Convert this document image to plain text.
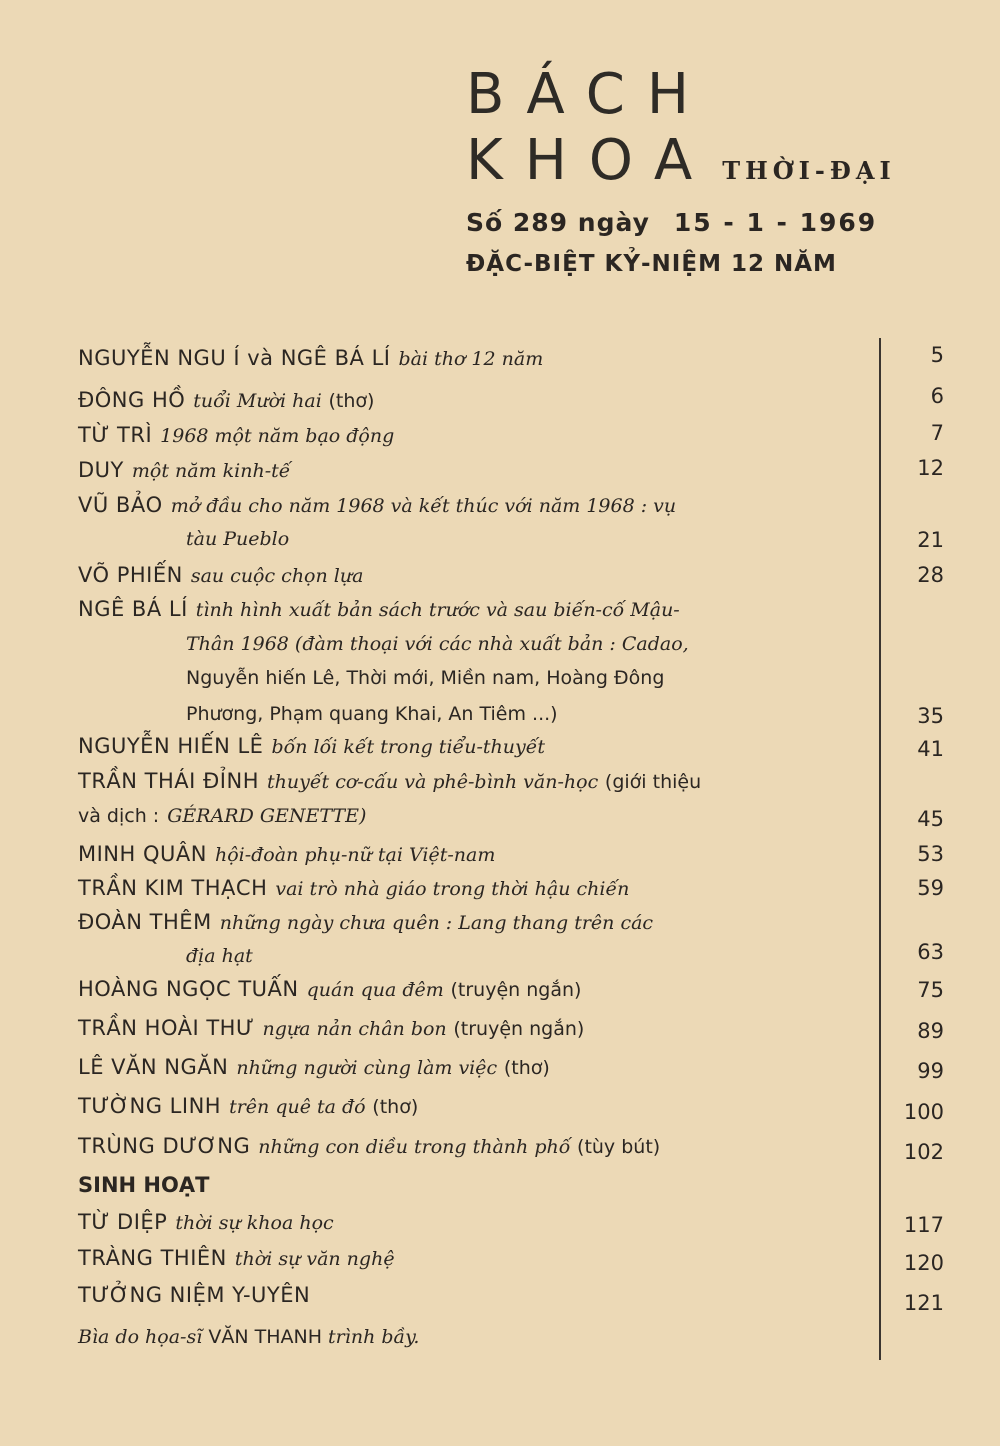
BÁCH
KHOA THỜI-ĐẠI
Số 289 ngày 15 - 1 - 1969
ĐẶC-BIỆT KỶ-NIỆM 12 NĂM
NGUYỄN NGU Í và NGÊ BÁ LÍ bài thơ 12 năm	5
ĐÔNG HỒ tuổi Mười hai (thơ)	6
TỪ TRÌ 1968 một năm bạo động	7
DUY một năm kinh-tế	12
VŨ BẢO mở đầu cho năm 1968 và kết thúc với năm 1968 : vụ
tàu Pueblo	21
VÕ PHIẾN sau cuộc chọn lựa	28
NGÊ BÁ LÍ tình hình xuất bản sách trước và sau biến-cố Mậu-
Thân 1968 (đàm thoại với các nhà xuất bản : Cadao,
Nguyễn hiến Lê, Thời mới, Miền nam, Hoàng Đông
Phương, Phạm quang Khai, An Tiêm ...)	35
NGUYỄN HIẾN LÊ bốn lối kết trong tiểu-thuyết	41
TRẦN THÁI ĐỈNH thuyết cơ-cấu và phê-bình văn-học (giới thiệu
và dịch : GÉRARD GENETTE)	45
MINH QUÂN hội-đoàn phụ-nữ tại Việt-nam	53
TRẦN KIM THẠCH vai trò nhà giáo trong thời hậu chiến	59
ĐOÀN THÊM những ngày chưa quên : Lang thang trên các
địa hạt	63
HOÀNG NGỌC TUẤN quán qua đêm (truyện ngắn)	75
TRẦN HOÀI THƯ ngựa nản chân bon (truyện ngắn)	89
LÊ VĂN NGĂN những người cùng làm việc (thơ)	99
TƯỜNG LINH trên quê ta đó (thơ)	100
TRÙNG DƯƠNG những con diều trong thành phố (tùy bút)	102
SINH HOẠT
TỪ DIỆP thời sự khoa học	117
TRÀNG THIÊN thời sự văn nghệ	120
TƯỞNG NIỆM Y-UYÊN	121
Bìa do họa-sĩ VĂN THANH trình bầy.
